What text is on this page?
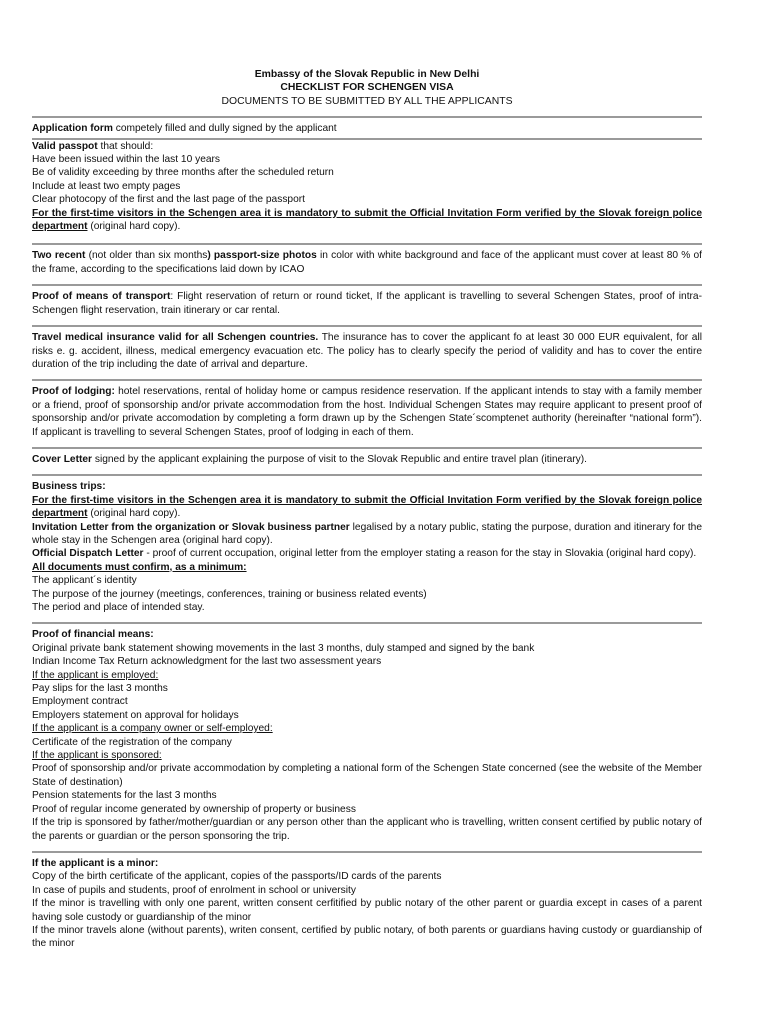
Embassy of the Slovak Republic in New Delhi
CHECKLIST FOR SCHENGEN VISA
DOCUMENTS TO BE SUBMITTED BY ALL THE APPLICANTS

Application form competely filled and dully signed by the applicant

Valid passpot that should:

Have been issued within the last 10 years

Be of validity exceeding by three months after the scheduled return

Include at least two empty pages

Clear photocopy of the first and the last page of the passport

For the first-time visitors in the Schengen area it is mandatory to submit the Official Invitation Form verified by the Slovak foreign police department (original hard copy).

Two recent (not older than six months) passport-size photos in color with white background and face of the applicant must cover at least 80 % of the frame, according to the specifications laid down by ICAO

Proof of means of transport: Flight reservation of return or round ticket, If the applicant is travelling to several Schengen States, proof of intra-Schengen flight reservation, train itinerary or car rental.

Travel medical insurance valid for all Schengen countries. The insurance has to cover the applicant fo at least 30 000 EUR equivalent, for all risks e. g. accident, illness, medical emergency evacuation etc. The policy has to clearly specify the period of validity and has to cover the entire duration of the trip including the date of arrival and departure.

Proof of lodging: hotel reservations, rental of holiday home or campus residence reservation. If the applicant intends to stay with a family member or a friend, proof of sponsorship and/or private accommodation from the host. Individual Schengen States may require applicant to present proof of sponsorship and/or private accomodation by completing a form drawn up by the Schengen State´scomptenet authority (hereinafter “national form”). If applicant is travelling to several Schengen States, proof of lodging in each of them.

Cover Letter signed by the applicant explaining the purpose of visit to the Slovak Republic and entire travel plan (itinerary).

Business trips:

For the first-time visitors in the Schengen area it is mandatory to submit the Official Invitation Form verified by the Slovak foreign police department (original hard copy).

Invitation Letter from the organization or Slovak business partner legalised by a notary public, stating the purpose, duration and itinerary for the whole stay in the Schengen area (original hard copy).

Official Dispatch Letter - proof of current occupation, original letter from the employer stating a reason for the stay in Slovakia (original hard copy).

All documents must confirm, as a minimum:

The applicant´s identity

The purpose of the journey (meetings, conferences, training or business related events)

The period and place of intended stay.

Proof of financial means:

Original private bank statement showing movements in the last 3 months, duly stamped and signed by the bank

Indian Income Tax Return acknowledgment for the last two assessment years

If the applicant is employed:

Pay slips for the last 3 months

Employment contract

Employers statement on approval for holidays

If the applicant is a company owner or self-employed:

Certificate of the registration of the company

If the applicant is sponsored:

Proof of sponsorship and/or private accommodation by completing a national form of the Schengen State concerned (see the website of the Member State of destination)

Pension statements for the last 3 months

Proof of regular income generated by ownership of property or business

If the trip is sponsored by father/mother/guardian or any person other than the applicant who is travelling, written consent certified by public notary of the parents or guardian or the person sponsoring the trip.

If the applicant is a minor:

Copy of the birth certificate of the applicant, copies of the passports/ID cards of the parents

In case of pupils and students, proof of enrolment in school or university

If the minor is travelling with only one parent, written consent cerfitified by public notary of the other parent or guardia except in cases of a parent having sole custody or guardianship of the minor

If the minor travels alone (without parents), writen consent, certified by public notary, of both parents or guardians having custody or guardianship of the minor
